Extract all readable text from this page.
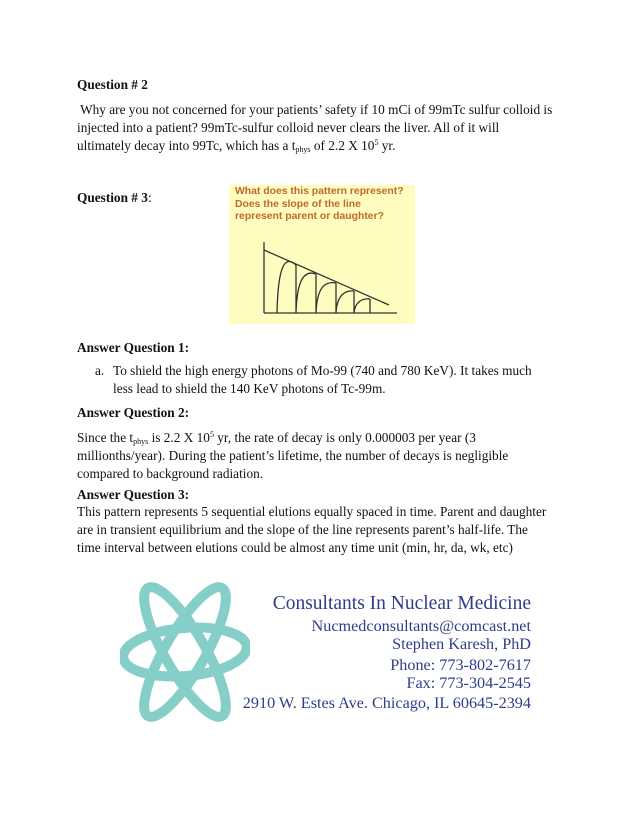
Question # 2
Why are you not concerned for your patients’ safety if 10 mCi of 99mTc sulfur colloid is
injected into a patient? 99mTc-sulfur colloid never clears the liver. All of it will
ultimately decay into 99Tc, which has a $t_{phys}$ of 2.2 X $10^5$ yr.
Question # 3:	What does this pattern represent? Does the slope of the line represent parent or daughter?
Answer Question 1:
a. To shield the high energy photons of Mo-99 (740 and 780 KeV). It takes much
less lead to shield the 140 KeV photons of Tc-99m.
Answer Question 2:
Since the $t_{phys}$ is 2.2 X $10^5$ yr, the rate of decay is only 0.000003 per year (3
millionths/year). During the patient’s lifetime, the number of decays is negligible
compared to background radiation.
Answer Question 3:
This pattern represents 5 sequential elutions equally spaced in time. Parent and daughter
are in transient equilibrium and the slope of the line represents parent’s half-life. The
time interval between elutions could be almost any time unit (min, hr, da, wk, etc)
Consultants In Nuclear Medicine
Nucmedconsultants@comcast.net
Stephen Karesh, PhD
Phone: 773-802-7617
Fax: 773-304-2545
2910 W. Estes Ave. Chicago, IL 60645-2394
